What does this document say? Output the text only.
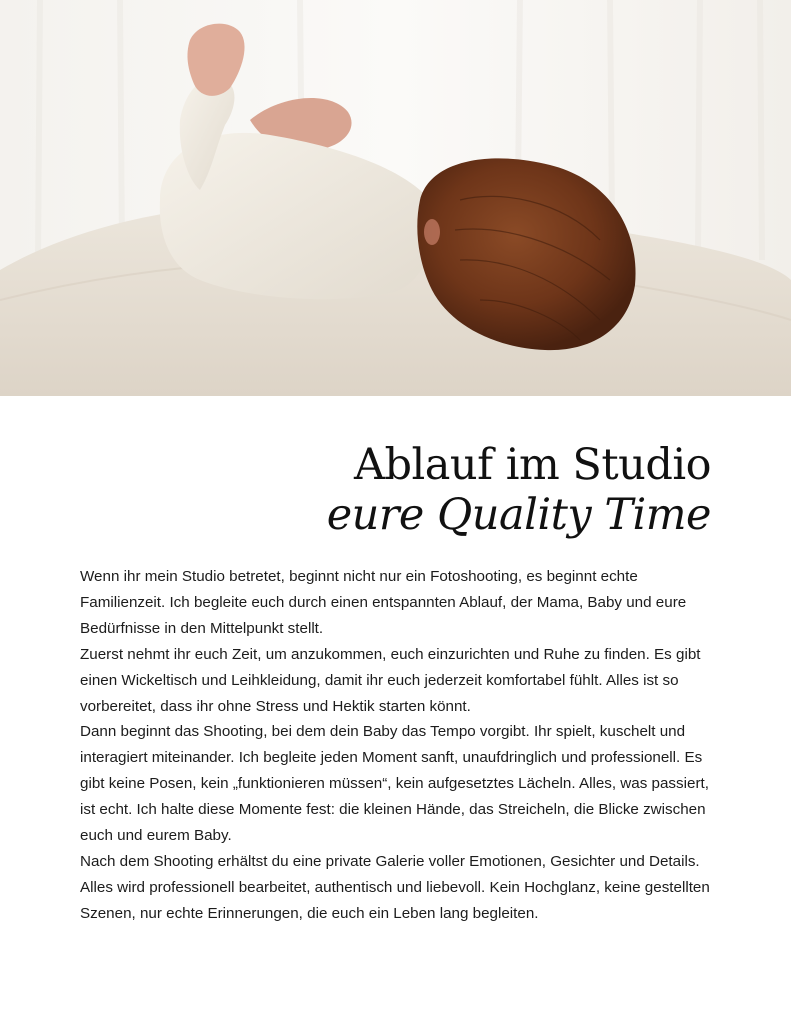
Ablauf im Studio
eure Quality Time

Wenn ihr mein Studio betretet, beginnt nicht nur ein Fotoshooting, es beginnt echte Familienzeit. Ich begleite euch durch einen entspannten Ablauf, der Mama, Baby und eure Bedürfnisse in den Mittelpunkt stellt.

Zuerst nehmt ihr euch Zeit, um anzukommen, euch einzurichten und Ruhe zu finden. Es gibt einen Wickeltisch und Leihkleidung, damit ihr euch jederzeit komfortabel fühlt. Alles ist so vorbereitet, dass ihr ohne Stress und Hektik starten könnt.

Dann beginnt das Shooting, bei dem dein Baby das Tempo vorgibt. Ihr spielt, kuschelt und interagiert miteinander. Ich begleite jeden Moment sanft, unaufdringlich und professionell. Es gibt keine Posen, kein „funktionieren müssen“, kein aufgesetztes Lächeln. Alles, was passiert, ist echt. Ich halte diese Momente fest: die kleinen Hände, das Streicheln, die Blicke zwischen euch und eurem Baby.

Nach dem Shooting erhältst du eine private Galerie voller Emotionen, Gesichter und Details. Alles wird professionell bearbeitet, authentisch und liebevoll. Kein Hochglanz, keine gestellten Szenen, nur echte Erinnerungen, die euch ein Leben lang begleiten.
